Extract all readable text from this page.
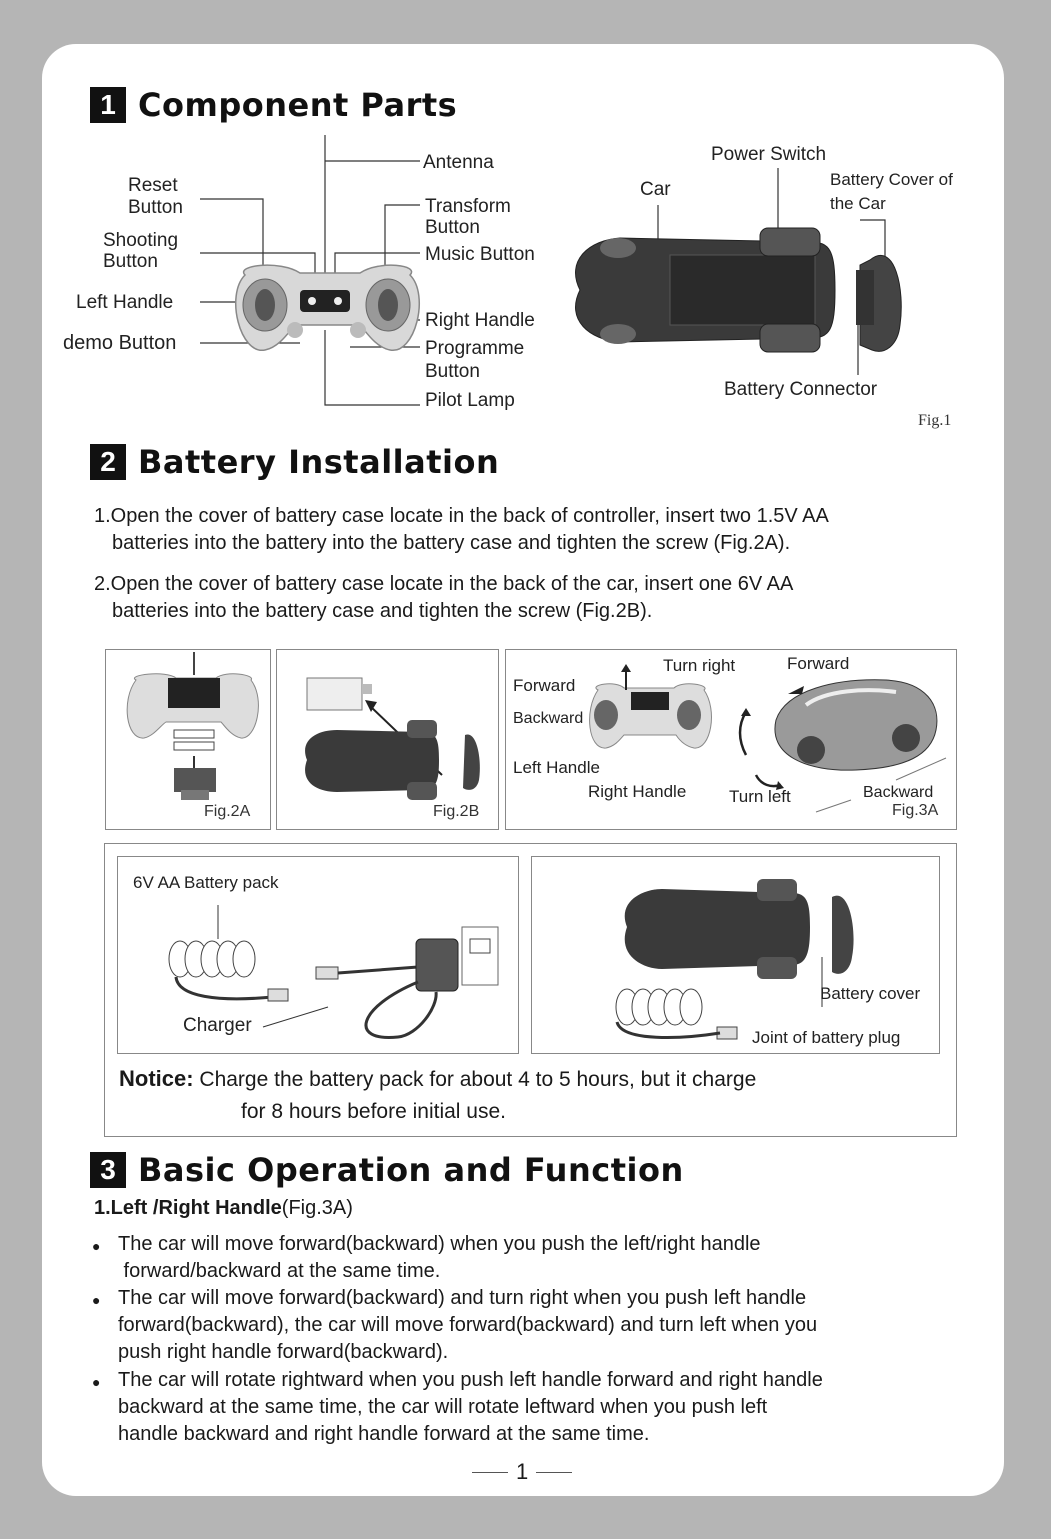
1 Component Parts
Antenna
Reset
Button	Transform
Button
Shooting
Button	Music Button
Left Handle
demo Button
Right Handle
Programme
Button
Pilot Lamp
Power Switch
Car	Battery Cover of
the Car
Battery Connector
Fig.1
2 Battery Installation
1.Open the cover of battery case locate in the back of controller, insert two 1.5V AA
batteries into the battery into the battery case and tighten the screw (Fig.2A).
2.Open the cover of battery case locate in the back of the car, insert one 6V AA
batteries into the battery case and tighten the screw (Fig.2B).
Fig.2A	Fig.2B
Forward
Backward
Left Handle
Right Handle
Turn right	Forward
Turn left	Backward
Fig.3A
6V AA Battery pack
Charger
Battery cover
Joint of battery plug
Notice: Charge the battery pack for about 4 to 5 hours, but it charge
for 8 hours before initial use.
3 Basic Operation and Function
1.Left /Right Handle(Fig.3A)
● The car will move forward(backward) when you push the left/right handle
forward/backward at the same time.
● The car will move forward(backward) and turn right when you push left handle
forward(backward), the car will move forward(backward) and turn left when you
push right handle forward(backward).
● The car will rotate rightward when you push left handle forward and right handle
backward at the same time, the car will rotate leftward when you push left
handle backward and right handle forward at the same time.
1
